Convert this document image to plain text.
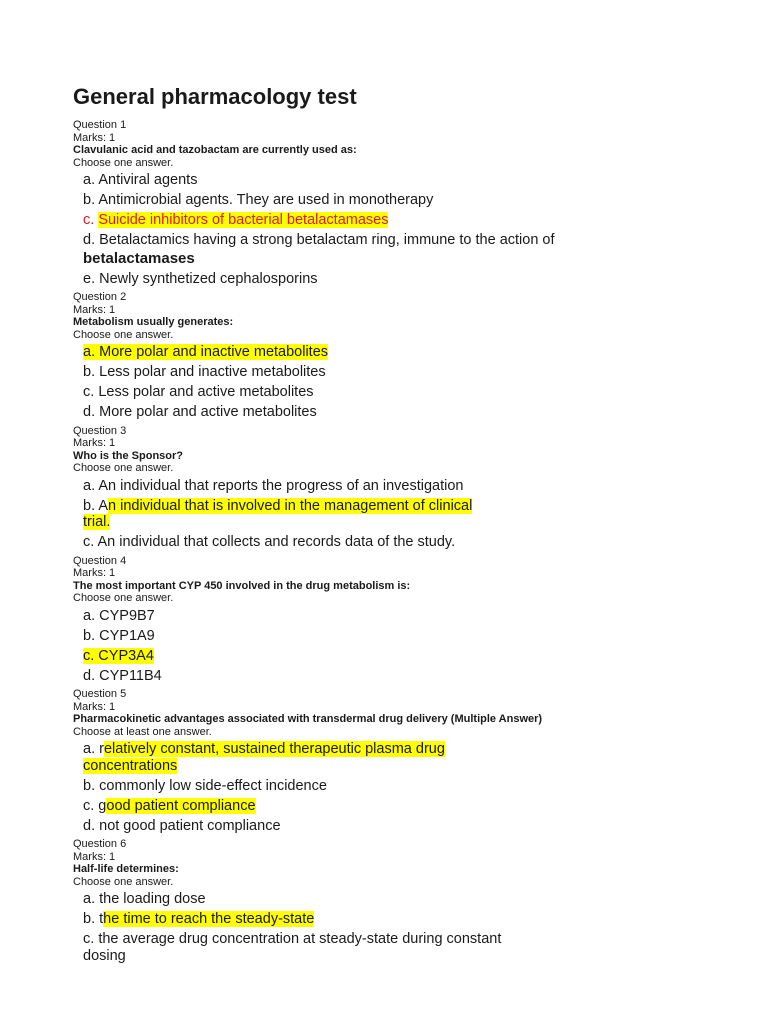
General pharmacology test
Question 1
Marks: 1
Clavulanic acid and tazobactam are currently used as:
Choose one answer.
a. Antiviral agents
b. Antimicrobial agents. They are used in monotherapy
c. Suicide inhibitors of bacterial betalactamases
d. Betalactamics having a strong betalactam ring, immune to the action of
betalactamases
e. Newly synthetized cephalosporins
Question 2
Marks: 1
Metabolism usually generates:
Choose one answer.
a. More polar and inactive metabolites
b. Less polar and inactive metabolites
c. Less polar and active metabolites
d. More polar and active metabolites
Question 3
Marks: 1
Who is the Sponsor?
Choose one answer.
a. An individual that reports the progress of an investigation
b. An individual that is involved in the management of clinical
trial.
c. An individual that collects and records data of the study.
Question 4
Marks: 1
The most important CYP 450 involved in the drug metabolism is:
Choose one answer.
a. CYP9B7
b. CYP1A9
c. CYP3A4
d. CYP11B4
Question 5
Marks: 1
Pharmacokinetic advantages associated with transdermal drug delivery (Multiple Answer)
Choose at least one answer.
a. relatively constant, sustained therapeutic plasma drug
concentrations
b. commonly low side-effect incidence
c. good patient compliance
d. not good patient compliance
Question 6
Marks: 1
Half-life determines:
Choose one answer.
a. the loading dose
b. the time to reach the steady-state
c. the average drug concentration at steady-state during constant
dosing
